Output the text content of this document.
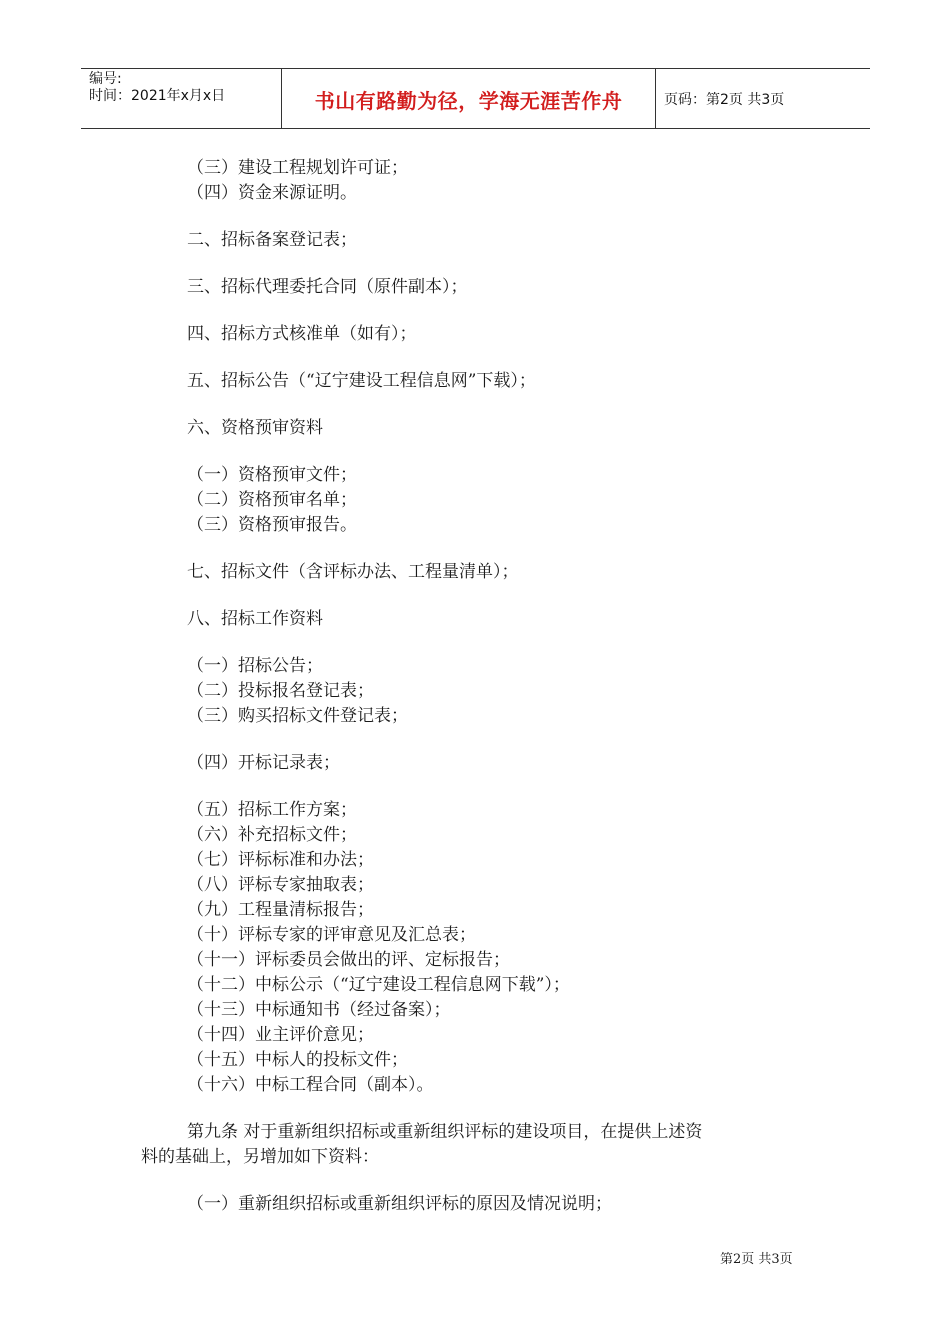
编号:
时间：2021年x月x日	书山有路勤为径，学海无涯苦作舟	页码：第2页 共3页
（三）建设工程规划许可证；
（四）资金来源证明。
二、招标备案登记表；
三、招标代理委托合同（原件副本）；
四、招标方式核准单（如有）；
五、招标公告（“辽宁建设工程信息网”下载）；
六、资格预审资料
（一）资格预审文件；
（二）资格预审名单；
（三）资格预审报告。
七、招标文件（含评标办法、工程量清单）；
八、招标工作资料
（一）招标公告；
（二）投标报名登记表；
（三）购买招标文件登记表；
（四）开标记录表；
（五）招标工作方案；
（六）补充招标文件；
（七）评标标准和办法；
（八）评标专家抽取表；
（九）工程量清标报告；
（十）评标专家的评审意见及汇总表；
（十一）评标委员会做出的评、定标报告；
（十二）中标公示（“辽宁建设工程信息网下载”）；
（十三）中标通知书（经过备案）；
（十四）业主评价意见；
（十五）中标人的投标文件；
（十六）中标工程合同（副本）。
第九条 对于重新组织招标或重新组织评标的建设项目，在提供上述资
料的基础上，另增加如下资料：
（一）重新组织招标或重新组织评标的原因及情况说明；
第2页 共3页
